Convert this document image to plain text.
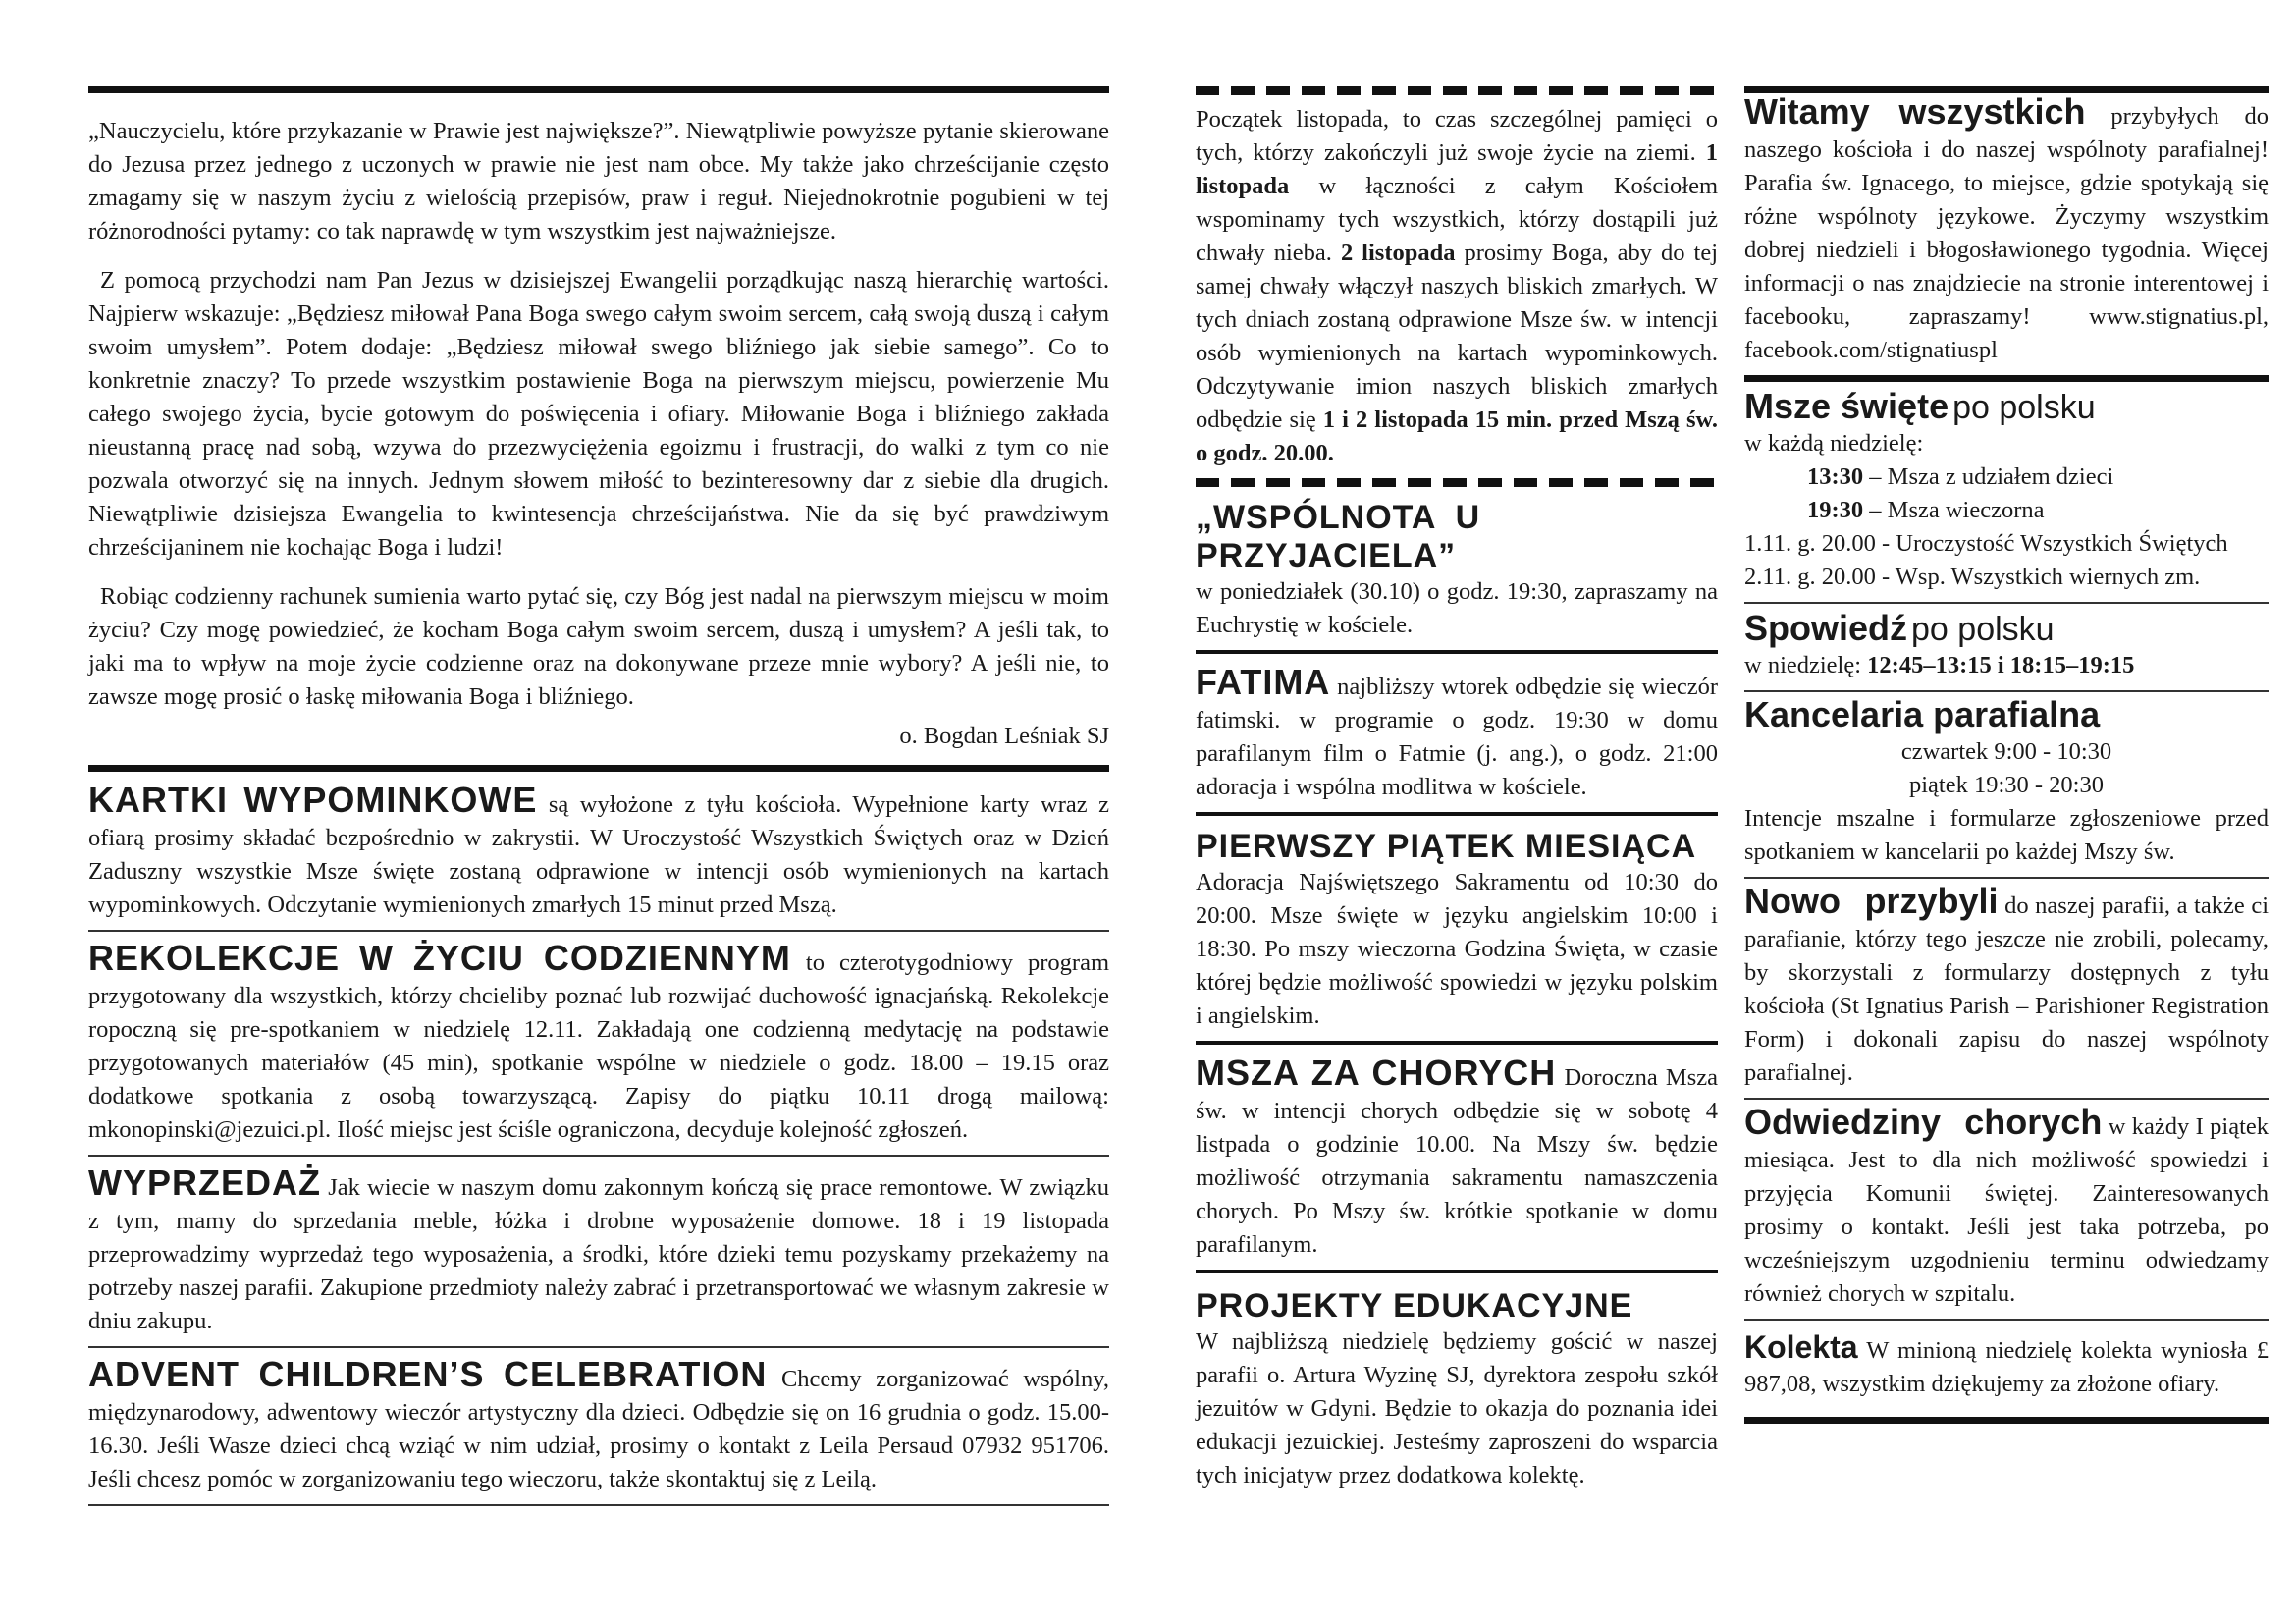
„Nauczycielu, które przykazanie w Prawie jest największe?”. Niewątpliwie powyższe pytanie skierowane do Jezusa przez jednego z uczonych w prawie nie jest nam obce. My także jako chrześcijanie często zmagamy się w naszym życiu z wielością przepisów, praw i reguł. Niejednokrotnie pogubieni w tej różnorodności pytamy: co tak naprawdę w tym wszystkim jest najważniejsze.

Z pomocą przychodzi nam Pan Jezus w dzisiejszej Ewangelii porządkując naszą hierarchię wartości. Najpierw wskazuje: „Będziesz miłował Pana Boga swego całym swoim sercem, całą swoją duszą i całym swoim umysłem”. Potem dodaje: „Będziesz miłował swego bliźniego jak siebie samego”. Co to konkretnie znaczy? To przede wszystkim postawienie Boga na pierwszym miejscu, powierzenie Mu całego swojego życia, bycie gotowym do poświęcenia i ofiary. Miłowanie Boga i bliźniego zakłada nieustanną pracę nad sobą, wzywa do przezwyciężenia egoizmu i frustracji, do walki z tym co nie pozwala otworzyć się na innych. Jednym słowem miłość to bezinteresowny dar z siebie dla drugich. Niewątpliwie dzisiejsza Ewangelia to kwintesencja chrześcijaństwa. Nie da się być prawdziwym chrześcijaninem nie kochając Boga i ludzi!

Robiąc codzienny rachunek sumienia warto pytać się, czy Bóg jest nadal na pierwszym miejscu w moim życiu? Czy mogę powiedzieć, że kocham Boga całym swoim sercem, duszą i umysłem? A jeśli tak, to jaki ma to wpływ na moje życie codzienne oraz na dokonywane przeze mnie wybory? A jeśli nie, to zawsze mogę prosić o łaskę miłowania Boga i bliźniego.

o. Bogdan Leśniak SJ

KARTKI WYPOMINKOWE są wyłożone z tyłu kościoła. Wypełnione karty wraz z ofiarą prosimy składać bezpośrednio w zakrystii. W Uroczystość Wszystkich Świętych oraz w Dzień Zaduszny wszystkie Msze święte zostaną odprawione w intencji osób wymienionych na kartach wypominkowych. Odczytanie wymienionych zmarłych 15 minut przed Mszą.

REKOLEKCJE W ŻYCIU CODZIENNYM to czterotygodniowy program przygotowany dla wszystkich, którzy chcieliby poznać lub rozwijać duchowość ignacjańską. Rekolekcje ropoczną się pre-spotkaniem w niedzielę 12.11. Zakładają one codzienną medytację na podstawie przygotowanych materiałów (45 min), spotkanie wspólne w niedziele o godz. 18.00 – 19.15 oraz dodatkowe spotkania z osobą towarzyszącą. Zapisy do piątku 10.11 drogą mailową: mkonopinski@jezuici.pl. Ilość miejsc jest ściśle ograniczona, decyduje kolejność zgłoszeń.

WYPRZEDAŻ Jak wiecie w naszym domu zakonnym kończą się prace remontowe. W związku z tym, mamy do sprzedania meble, łóżka i drobne wyposażenie domowe. 18 i 19 listopada przeprowadzimy wyprzedaż tego wyposażenia, a środki, które dzieki temu pozyskamy przekażemy na potrzeby naszej parafii. Zakupione przedmioty należy zabrać i przetransportować we własnym zakresie w dniu zakupu.

ADVENT CHILDREN’S CELEBRATION Chcemy zorganizować wspólny, międzynarodowy, adwentowy wieczór artystyczny dla dzieci. Odbędzie się on 16 grudnia o godz. 15.00-16.30. Jeśli Wasze dzieci chcą wziąć w nim udział, prosimy o kontakt z Leila Persaud 07932 951706. Jeśli chcesz pomóc w zorganizowaniu tego wieczoru, także skontaktuj się z Leilą.

Początek listopada, to czas szczególnej pamięci o tych, którzy zakończyli już swoje życie na ziemi. 1 listopada w łączności z całym Kościołem wspominamy tych wszystkich, którzy dostąpili już chwały nieba. 2 listopada prosimy Boga, aby do tej samej chwały włączył naszych bliskich zmarłych. W tych dniach zostaną odprawione Msze św. w intencji osób wymienionych na kartach wypominkowych. Odczytywanie imion naszych bliskich zmarłych odbędzie się 1 i 2 listopada 15 min. przed Mszą św. o godz. 20.00.

„WSPÓLNOTA U PRZYJACIELA”

w poniedziałek (30.10) o godz. 19:30, zapraszamy na Euchrystię w kościele.

FATIMA najbliższy wtorek odbędzie się wieczór fatimski. w programie o godz. 19:30 w domu parafilanym film o Fatmie (j. ang.), o godz. 21:00 adoracja i wspólna modlitwa w kościele.

PIERWSZY PIĄTEK MIESIĄCA

Adoracja Najświętszego Sakramentu od 10:30 do 20:00. Msze święte w języku angielskim 10:00 i 18:30. Po mszy wieczorna Godzina Święta, w czasie której będzie możliwość spowiedzi w języku polskim i angielskim.

MSZA ZA CHORYCH Doroczna Msza św. w intencji chorych odbędzie się w sobotę 4 listpada o godzinie 10.00. Na Mszy św. będzie możliwość otrzymania sakramentu namaszczenia chorych. Po Mszy św. krótkie spotkanie w domu parafilanym.

PROJEKTY EDUKACYJNE

W najbliższą niedzielę będziemy gościć w naszej parafii o. Artura Wyzinę SJ, dyrektora zespołu szkół jezuitów w Gdyni. Będzie to okazja do poznania idei edukacji jezuickiej. Jesteśmy zaproszeni do wsparcia tych inicjatyw przez dodatkowa kolektę.

Witamy wszystkich przybyłych do naszego kościoła i do naszej wspólnoty parafialnej! Parafia św. Ignacego, to miejsce, gdzie spotykają się różne wspólnoty językowe. Życzymy wszystkim dobrej niedzieli i błogosławionego tygodnia. Więcej informacji o nas znajdziecie na stronie interentowej i facebooku, zapraszamy! www.stignatius.pl, facebook.com/stignatiuspl

Msze święte po polsku

w każdą niedzielę:

13:30 – Msza z udziałem dzieci

19:30 – Msza wieczorna

1.11. g. 20.00 - Uroczystość Wszystkich Świętych

2.11. g. 20.00 - Wsp. Wszystkich wiernych zm.

Spowiedź po polsku

w niedzielę: 12:45–13:15 i 18:15–19:15

Kancelaria parafialna

czwartek 9:00 - 10:30

piątek 19:30 - 20:30

Intencje mszalne i formularze zgłoszeniowe przed spotkaniem w kancelarii po każdej Mszy św.

Nowo przybyli do naszej parafii, a także ci parafianie, którzy tego jeszcze nie zrobili, polecamy, by skorzystali z formularzy dostępnych z tyłu kościoła (St Ignatius Parish – Parishioner Registration Form) i dokonali zapisu do naszej wspólnoty parafialnej.

Odwiedziny chorych w każdy I piątek miesiąca. Jest to dla nich możliwość spowiedzi i przyjęcia Komunii świętej. Zainteresowanych prosimy o kontakt. Jeśli jest taka potrzeba, po wcześniejszym uzgodnieniu terminu odwiedzamy również chorych w szpitalu.

Kolekta W minioną niedzielę kolekta wyniosła £ 987,08, wszystkim dziękujemy za złożone ofiary.
